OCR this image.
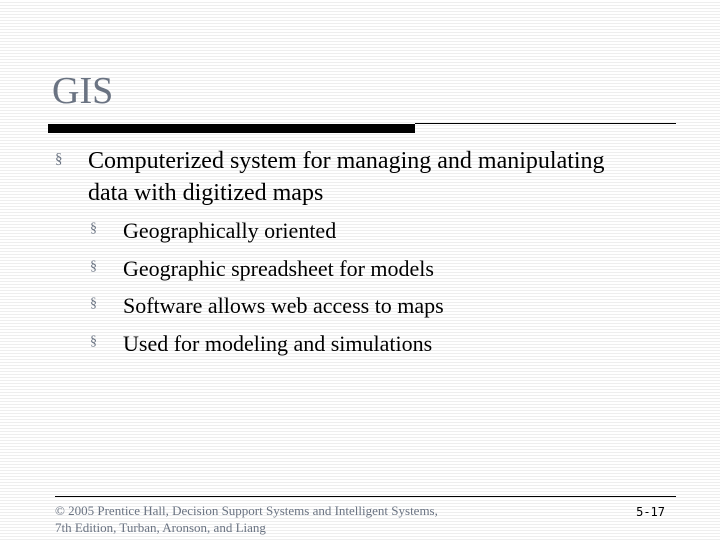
GIS
§ Computerized system for managing and manipulating data with digitized maps
§ Geographically oriented
§ Geographic spreadsheet for models
§ Software allows web access to maps
§ Used for modeling and simulations
© 2005 Prentice Hall, Decision Support Systems and Intelligent Systems, 7th Edition, Turban, Aronson, and Liang
5-17
